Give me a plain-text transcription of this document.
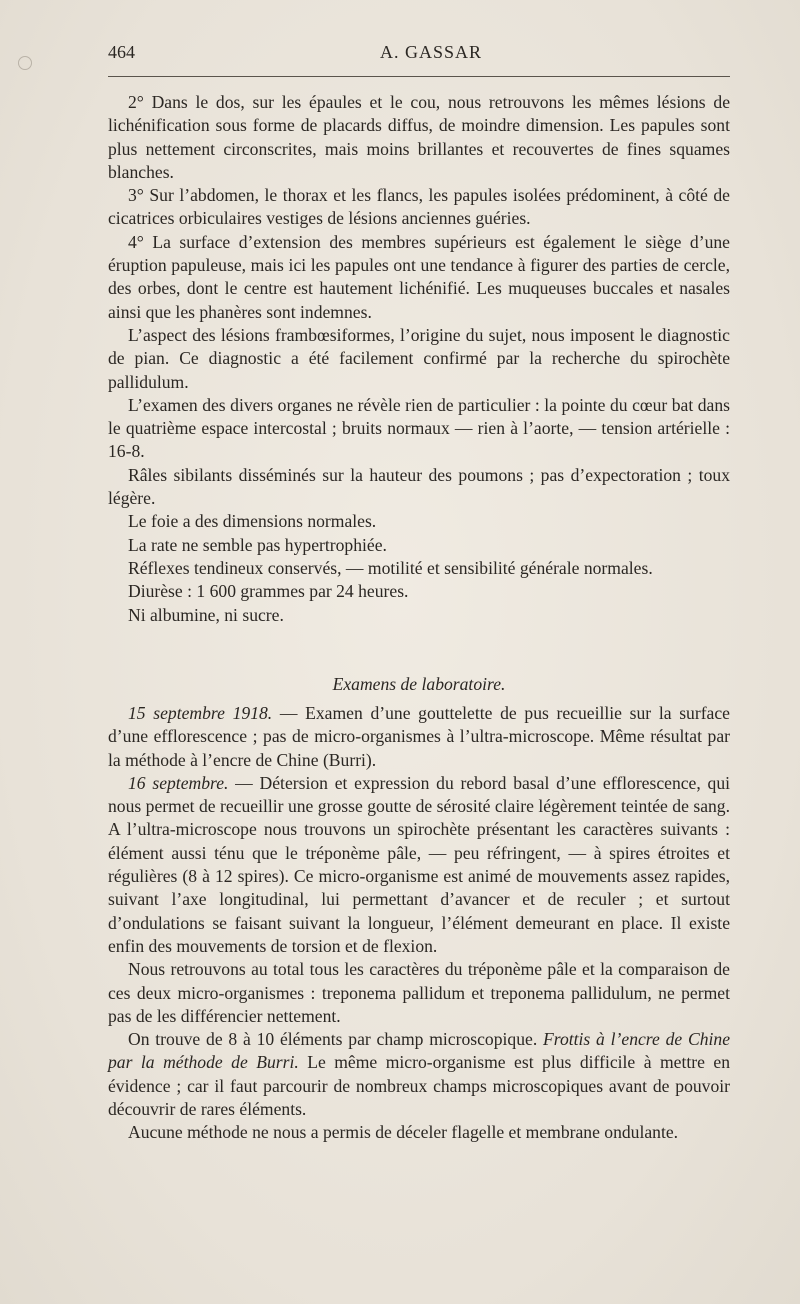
464	A. GASSAR

2° Dans le dos, sur les épaules et le cou, nous retrouvons les mêmes lésions de lichénification sous forme de placards diffus, de moindre dimension. Les papules sont plus nettement circonscrites, mais moins brillantes et recouvertes de fines squames blanches.

3° Sur l’abdomen, le thorax et les flancs, les papules isolées prédominent, à côté de cicatrices orbiculaires vestiges de lésions anciennes guéries.

4° La surface d’extension des membres supérieurs est également le siège d’une éruption papuleuse, mais ici les papules ont une tendance à figurer des parties de cercle, des orbes, dont le centre est hautement lichénifié. Les muqueuses buccales et nasales ainsi que les phanères sont indemnes.

L’aspect des lésions frambœsiformes, l’origine du sujet, nous imposent le diagnostic de pian. Ce diagnostic a été facilement confirmé par la recherche du spirochète pallidulum.

L’examen des divers organes ne révèle rien de particulier : la pointe du cœur bat dans le quatrième espace intercostal ; bruits normaux — rien à l’aorte, — tension artérielle : 16-8.

Râles sibilants disséminés sur la hauteur des poumons ; pas d’expectoration ; toux légère.

Le foie a des dimensions normales.

La rate ne semble pas hypertrophiée.

Réflexes tendineux conservés, — motilité et sensibilité générale normales.

Diurèse : 1 600 grammes par 24 heures.

Ni albumine, ni sucre.

Examens de laboratoire.

15 septembre 1918. — Examen d’une gouttelette de pus recueillie sur la surface d’une efflorescence ; pas de micro-organismes à l’ultra-microscope. Même résultat par la méthode à l’encre de Chine (Burri).

16 septembre. — Détersion et expression du rebord basal d’une efflorescence, qui nous permet de recueillir une grosse goutte de sérosité claire légèrement teintée de sang. A l’ultra-microscope nous trouvons un spirochète présentant les caractères suivants : élément aussi ténu que le tréponème pâle, — peu réfringent, — à spires étroites et régulières (8 à 12 spires). Ce micro-organisme est animé de mouvements assez rapides, suivant l’axe longitudinal, lui permettant d’avancer et de reculer ; et surtout d’ondulations se faisant suivant la longueur, l’élément demeurant en place. Il existe enfin des mouvements de torsion et de flexion.

Nous retrouvons au total tous les caractères du tréponème pâle et la comparaison de ces deux micro-organismes : treponema pallidum et treponema pallidulum, ne permet pas de les différencier nettement.

On trouve de 8 à 10 éléments par champ microscopique. Frottis à l’encre de Chine par la méthode de Burri. Le même micro-organisme est plus difficile à mettre en évidence ; car il faut parcourir de nombreux champs microscopiques avant de pouvoir découvrir de rares éléments.

Aucune méthode ne nous a permis de déceler flagelle et membrane ondulante.
